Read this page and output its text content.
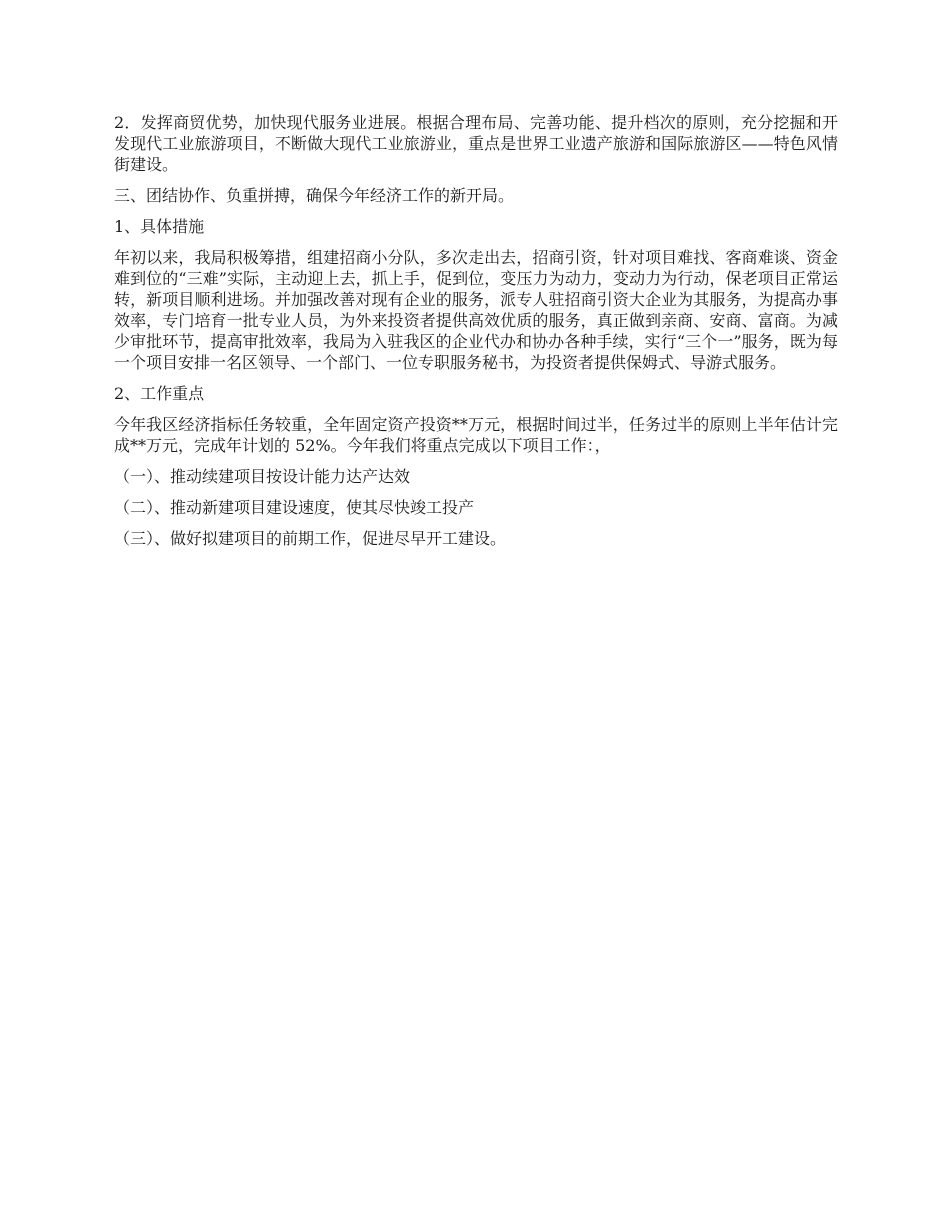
2．发挥商贸优势，加快现代服务业进展。根据合理布局、完善功能、提升档次的原则，充分挖掘和开发现代工业旅游项目，不断做大现代工业旅游业，重点是世界工业遗产旅游和国际旅游区——特色风情街建设。

三、团结协作、负重拼搏，确保今年经济工作的新开局。

1、具体措施

年初以来，我局积极筹措，组建招商小分队，多次走出去，招商引资，针对项目难找、客商难谈、资金难到位的“三难”实际，主动迎上去，抓上手，促到位，变压力为动力，变动力为行动，保老项目正常运转，新项目顺利进场。并加强改善对现有企业的服务，派专人驻招商引资大企业为其服务，为提高办事效率，专门培育一批专业人员，为外来投资者提供高效优质的服务，真正做到亲商、安商、富商。为减少审批环节，提高审批效率，我局为入驻我区的企业代办和协办各种手续，实行“三个一”服务，既为每一个项目安排一名区领导、一个部门、一位专职服务秘书，为投资者提供保姆式、导游式服务。

2、工作重点

今年我区经济指标任务较重，全年固定资产投资**万元，根据时间过半，任务过半的原则上半年估计完成**万元，完成年计划的 52%。今年我们将重点完成以下项目工作：，

（一）、推动续建项目按设计能力达产达效

（二）、推动新建项目建设速度，使其尽快竣工投产

（三）、做好拟建项目的前期工作，促进尽早开工建设。
